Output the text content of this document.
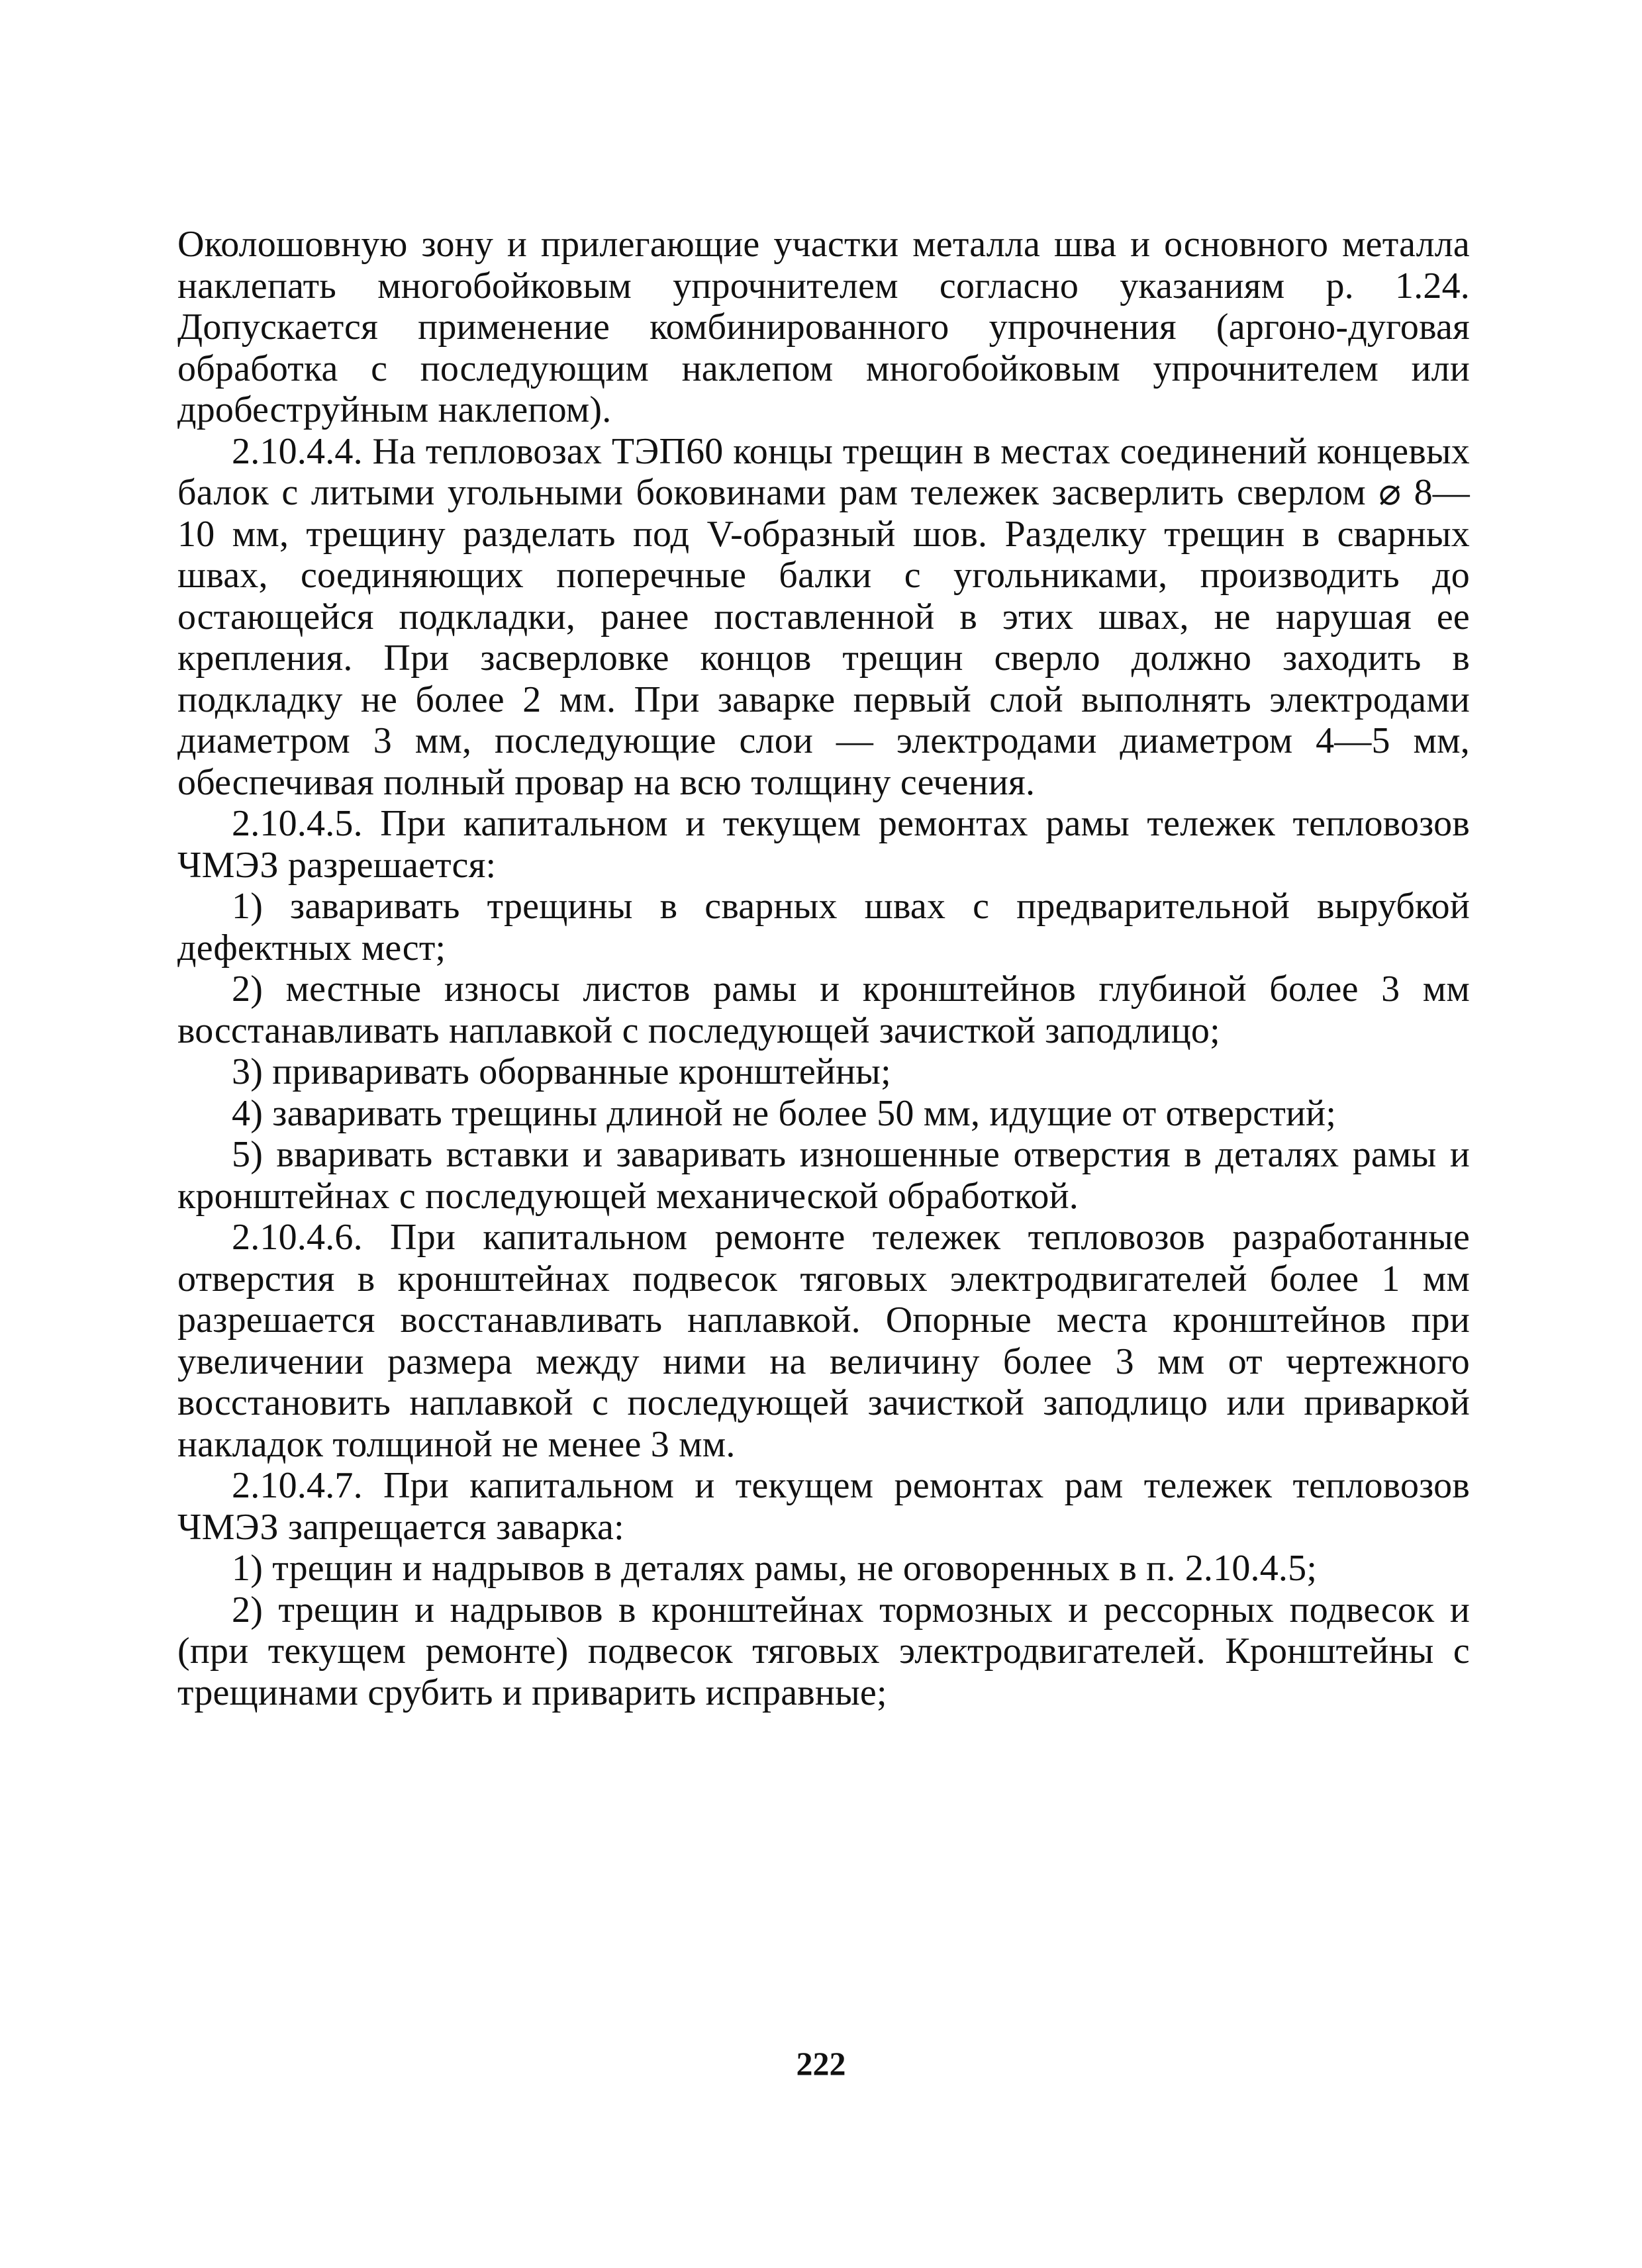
Околошовную зону и прилегающие участки металла шва и основного металла наклепать многобойковым упрочнителем согласно указаниям р. 1.24. Допускается применение комбинированного упрочнения (аргоно-дуговая обработка с последующим наклепом многобойковым упрочнителем или дробеструйным наклепом).

2.10.4.4. На тепловозах ТЭП60 концы трещин в местах соединений концевых балок с литыми угольными боковинами рам тележек засверлить сверлом ⌀ 8—10 мм, трещину разделать под V-образный шов. Разделку трещин в сварных швах, соединяющих поперечные балки с угольниками, производить до остающейся подкладки, ранее поставленной в этих швах, не нарушая ее крепления. При засверловке концов трещин сверло должно заходить в подкладку не более 2 мм. При заварке первый слой выполнять электродами диаметром 3 мм, последующие слои — электродами диаметром 4—5 мм, обеспечивая полный провар на всю толщину сечения.

2.10.4.5. При капитальном и текущем ремонтах рамы тележек тепловозов ЧМЭЗ разрешается:

1) заваривать трещины в сварных швах с предварительной вырубкой дефектных мест;

2) местные износы листов рамы и кронштейнов глубиной более 3 мм восстанавливать наплавкой с последующей зачисткой заподлицо;

3) приваривать оборванные кронштейны;

4) заваривать трещины длиной не более 50 мм, идущие от отверстий;

5) вваривать вставки и заваривать изношенные отверстия в деталях рамы и кронштейнах с последующей механической обработкой.

2.10.4.6. При капитальном ремонте тележек тепловозов разработанные отверстия в кронштейнах подвесок тяговых электродвигателей более 1 мм разрешается восстанавливать наплавкой. Опорные места кронштейнов при увеличении размера между ними на величину более 3 мм от чертежного восстановить наплавкой с последующей зачисткой заподлицо или приваркой накладок толщиной не менее 3 мм.

2.10.4.7. При капитальном и текущем ремонтах рам тележек тепловозов ЧМЭЗ запрещается заварка:

1) трещин и надрывов в деталях рамы, не оговоренных в п. 2.10.4.5;

2) трещин и надрывов в кронштейнах тормозных и рессорных подвесок и (при текущем ремонте) подвесок тяговых электродвигателей. Кронштейны с трещинами срубить и приварить исправные;

222
